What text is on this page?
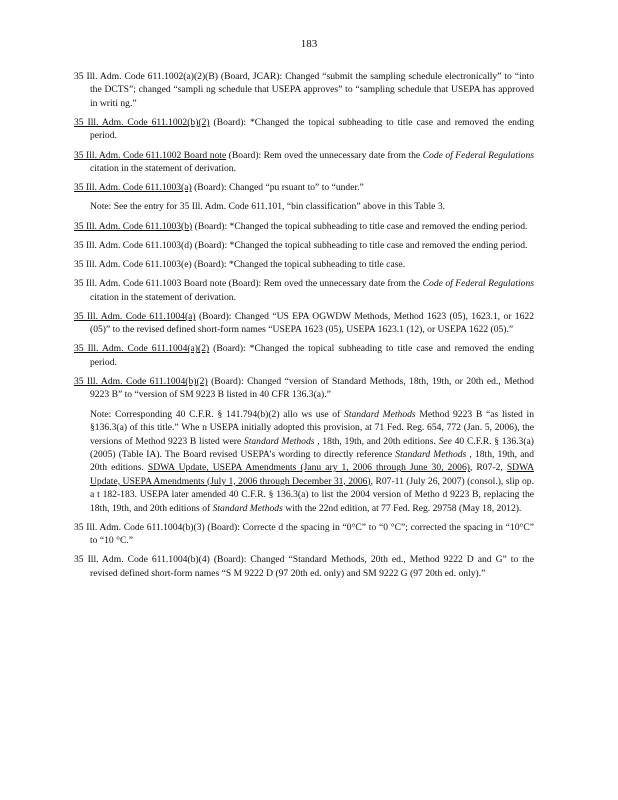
183

35 Ill. Adm. Code 611.1002(a)(2)(B) (Board, JCAR): Changed “submit the sampling schedule electronically” to “into the DCTS”; changed “sampli ng schedule that USEPA approves” to “sampling schedule that USEPA has approved in writi ng.”

35 Ill. Adm. Code 611.1002(b)(2) (Board): *Changed the topical subheading to title case and removed the ending period.

35 Ill. Adm. Code 611.1002 Board note (Board): Rem oved the unnecessary date from the Code of Federal Regulations citation in the statement of derivation.

35 Ill. Adm. Code 611.1003(a) (Board): Changed “pu rsuant to” to “under.”

Note: See the entry for 35 Ill. Adm. Code 611.101, “bin classification” above in this Table 3.

35 Ill. Adm. Code 611.1003(b) (Board): *Changed the topical subheading to title case and removed the ending period.

35 Ill. Adm. Code 611.1003(d) (Board): *Changed the topical subheading to title case and removed the ending period.

35 Ill. Adm. Code 611.1003(e) (Board): *Changed the topical subheading to title case.

35 Ill. Adm. Code 611.1003 Board note (Board): Rem oved the unnecessary date from the Code of Federal Regulations citation in the statement of derivation.

35 Ill. Adm. Code 611.1004(a) (Board): Changed “US EPA OGWDW Methods, Method 1623 (05), 1623.1, or 1622 (05)” to the revised defined short-form names “USEPA 1623 (05), USEPA 1623.1 (12), or USEPA 1622 (05).”

35 Ill. Adm. Code 611.1004(a)(2) (Board): *Changed the topical subheading to title case and removed the ending period.

35 Ill. Adm. Code 611.1004(b)(2) (Board): Changed “version of Standard Methods, 18th, 19th, or 20th ed., Method 9223 B” to “version of SM 9223 B listed in 40 CFR 136.3(a).”

Note: Corresponding 40 C.F.R. § 141.794(b)(2) allo ws use of Standard Methods Method 9223 B “as listed in §136.3(a) of this title.” Whe n USEPA initially adopted this provision, at 71 Fed. Reg. 654, 772 (Jan. 5, 2006), the versions of Method 9223 B listed were Standard Methods , 18th, 19th, and 20th editions. See 40 C.F.R. § 136.3(a) (2005) (Table IA). The Board revised USEPA’s wording to directly reference Standard Methods , 18th, 19th, and 20th editions. SDWA Update, USEPA Amendments (Janu ary 1, 2006 through June 30, 2006), R07-2, SDWA Update, USEPA Amendments (July 1, 2006 through December 31, 2006), R07-11 (July 26, 2007) (consol.), slip op. a t 182-183. USEPA later amended 40 C.F.R. § 136.3(a) to list the 2004 version of Metho d 9223 B, replacing the 18th, 19th, and 20th editions of Standard Methods with the 22nd edition, at 77 Fed. Reg. 29758 (May 18, 2012).

35 Ill. Adm. Code 611.1004(b)(3) (Board): Correcte d the spacing in “0°C” to “0 °C”; corrected the spacing in “10°C” to “10 °C.”

35 Ill. Adm. Code 611.1004(b)(4) (Board): Changed “Standard Methods, 20th ed., Method 9222 D and G” to the revised defined short-form names “S M 9222 D (97 20th ed. only) and SM 9222 G (97 20th ed. only).”
